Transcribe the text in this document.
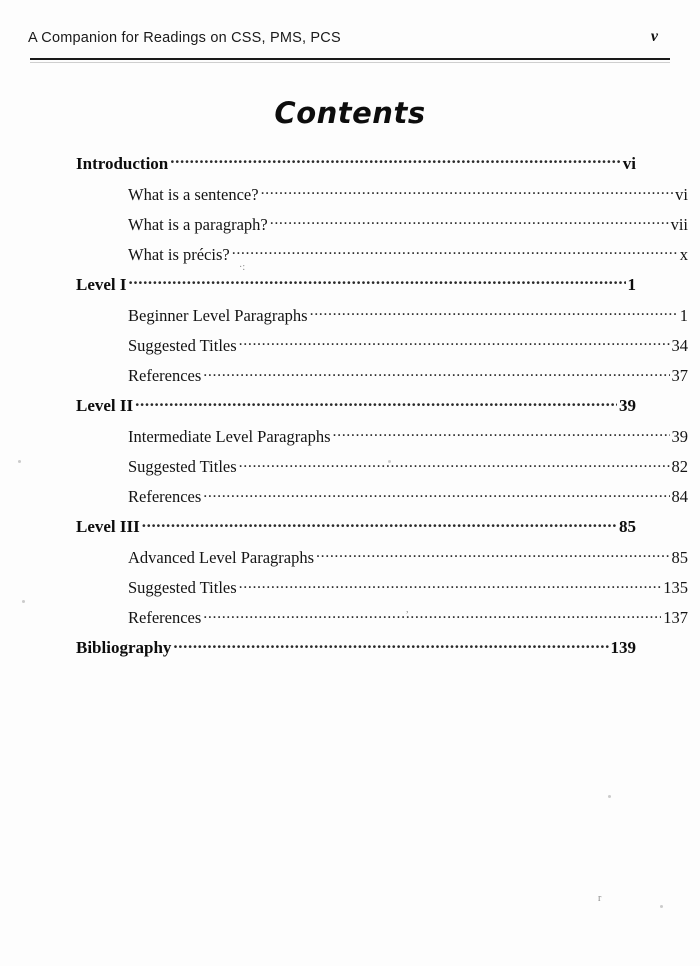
A Companion for Readings on CSS, PMS, PCS	v
Contents
Introduction .....	vi
What is a sentence? .....	vi
What is a paragraph? .....	vii
What is précis? .....	x
Level I .....	1
Beginner Level Paragraphs .....	1
Suggested Titles .....	34
References .....	37
Level II .....	39
Intermediate Level Paragraphs .....	39
Suggested Titles .....	82
References .....	84
Level III .....	85
Advanced Level Paragraphs .....	85
Suggested Titles .....	135
References .....	137
Bibliography .....	139
r
·:
,
